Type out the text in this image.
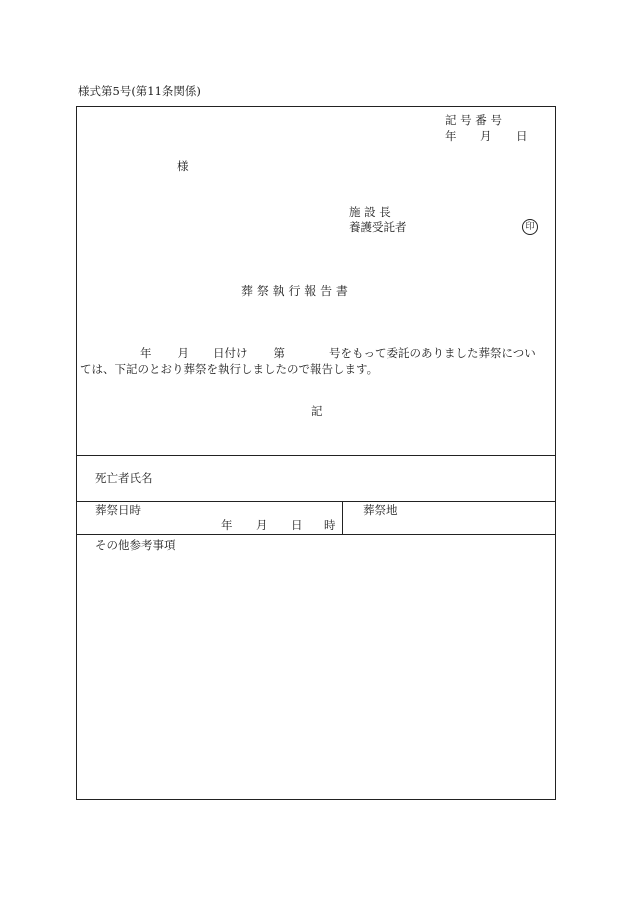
様式第5号(第11条関係)
記 号 番 号
年 月 日
様
施 設 長
養護受託者	印
葬 祭 執 行 報 告 書
年 月 日付け 第	号をもって委託のありました葬祭につい
ては、下記のとおり葬祭を執行しましたので報告します。
記
死亡者氏名
葬祭日時
年 月 日 時
葬祭地
その他参考事項
